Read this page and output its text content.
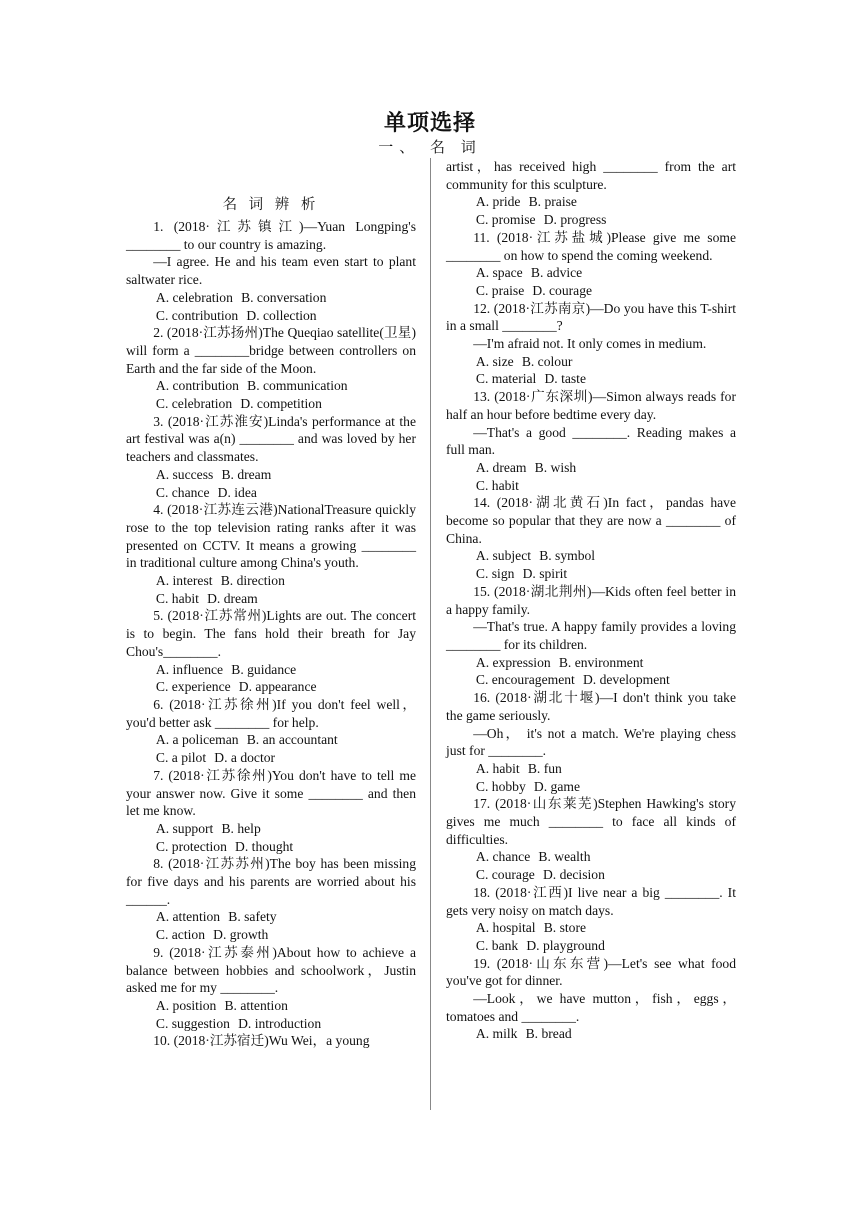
单项选择
一、 名 词
名 词 辨 析

1. (2018·江苏镇江)—Yuan Longping's ________ to our country is amazing.

—I agree. He and his team even start to plant saltwater rice.

A. celebration B. conversation

C. contribution D. collection

2. (2018·江苏扬州)The Queqiao satellite(卫星) will form a ________bridge between controllers on Earth and the far side of the Moon.

A. contribution B. communication

C. celebration D. competition

3. (2018·江苏淮安)Linda's performance at the art festival was a(n) ________ and was loved by her teachers and classmates.

A. success B. dream

C. chance D. idea

4. (2018·江苏连云港)NationalTreasure quickly rose to the top television rating ranks after it was presented on CCTV. It means a growing ________ in traditional culture among China's youth.

A. interest B. direction

C. habit D. dream

5. (2018·江苏常州)Lights are out. The concert is to begin. The fans hold their breath for Jay Chou's________.

A. influence B. guidance

C. experience D. appearance

6. (2018·江苏徐州)If you don't feel well，you'd better ask ________ for help.

A. a policeman B. an accountant

C. a pilot D. a doctor

7. (2018·江苏徐州)You don't have to tell me your answer now. Give it some ________ and then let me know.

A. support B. help

C. protection D. thought

8. (2018·江苏苏州)The boy has been missing for five days and his parents are worried about his ______.

A. attention B. safety

C. action D. growth

9. (2018·江苏泰州)About how to achieve a balance between hobbies and schoolwork，Justin asked me for my ________.

A. position B. attention

C. suggestion D. introduction

10. (2018·江苏宿迁)Wu Wei，a young

artist，has received high ________ from the art community for this sculpture.

A. pride B. praise

C. promise D. progress

11. (2018·江苏盐城)Please give me some ________ on how to spend the coming weekend.

A. space B. advice

C. praise D. courage

12. (2018·江苏南京)—Do you have this T-shirt in a small ________?

—I'm afraid not. It only comes in medium.

A. size B. colour

C. material D. taste

13. (2018·广东深圳)—Simon always reads for half an hour before bedtime every day.

—That's a good ________. Reading makes a full man.

A. dream B. wish

C. habit

14. (2018·湖北黄石)In fact，pandas have become so popular that they are now a ________ of China.

A. subject B. symbol

C. sign D. spirit

15. (2018·湖北荆州)—Kids often feel better in a happy family.

—That's true. A happy family provides a loving ________ for its children.

A. expression B. environment

C. encouragement D. development

16. (2018·湖北十堰)—I don't think you take the game seriously.

—Oh， it's not a match. We're playing chess just for ________.

A. habit B. fun

C. hobby D. game

17. (2018·山东莱芜)Stephen Hawking's story gives me much ________ to face all kinds of difficulties.

A. chance B. wealth

C. courage D. decision

18. (2018·江西)I live near a big ________. It gets very noisy on match days.

A. hospital B. store

C. bank D. playground

19. (2018·山东东营)—Let's see what food you've got for dinner.

—Look，we have mutton，fish，eggs，tomatoes and ________.

A. milk B. bread
